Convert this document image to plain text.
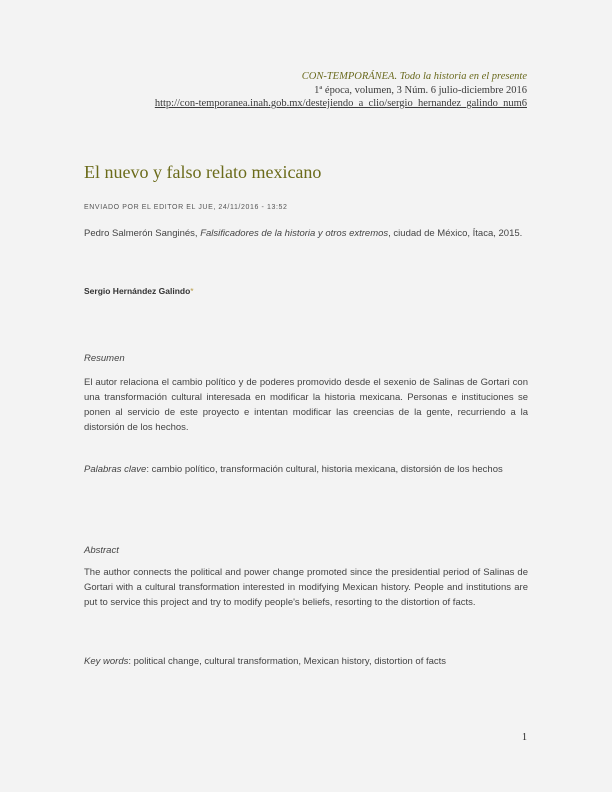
CON-TEMPORÁNEA. Todo la historia en el presente
1ª época, volumen, 3 Núm. 6 julio-diciembre 2016
http://con-temporanea.inah.gob.mx/destejiendo_a_clio/sergio_hernandez_galindo_num6
El nuevo y falso relato mexicano
ENVIADO POR EL EDITOR EL JUE, 24/11/2016 - 13:52
Pedro Salmerón Sanginés, Falsificadores de la historia y otros extremos, ciudad de México, Ítaca, 2015.
Sergio Hernández Galindo*
Resumen

El autor relaciona el cambio político y de poderes promovido desde el sexenio de Salinas de Gortari con una transformación cultural interesada en modificar la historia mexicana. Personas e instituciones se ponen al servicio de este proyecto e intentan modificar las creencias de la gente, recurriendo a la distorsión de los hechos.

Palabras clave: cambio político, transformación cultural, historia mexicana, distorsión de los hechos

Abstract

The author connects the political and power change promoted since the presidential period of Salinas de Gortari with a cultural transformation interested in modifying Mexican history. People and institutions are put to service this project and try to modify people's beliefs, resorting to the distortion of facts.

Key words: political change, cultural transformation, Mexican history, distortion of facts

1
